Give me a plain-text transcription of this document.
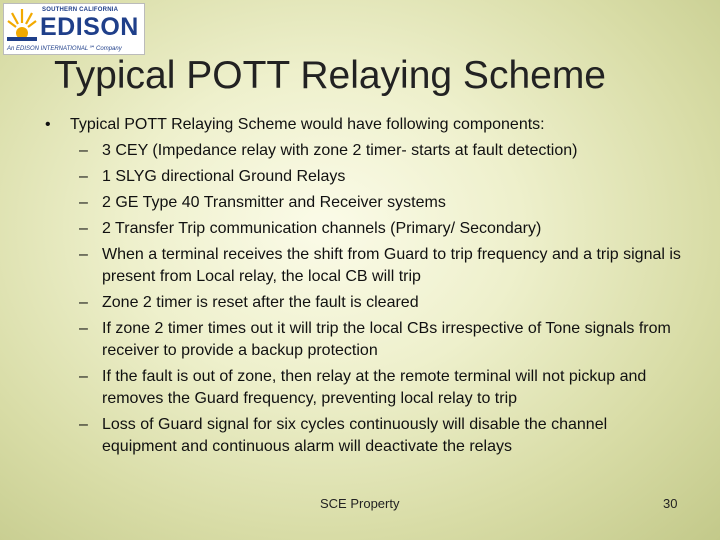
SOUTHERN CALIFORNIA
EDISON
An EDISON INTERNATIONAL℠ Company
Typical POTT Relaying Scheme
• Typical POTT Relaying Scheme would have following components:
– 3 CEY (Impedance relay with zone 2 timer- starts at fault detection)
– 1 SLYG directional Ground Relays
– 2 GE Type 40 Transmitter and Receiver systems
– 2 Transfer Trip communication channels (Primary/ Secondary)
– When a terminal receives the shift from Guard to trip frequency and a trip signal is present from Local relay, the local CB will trip
– Zone 2 timer is reset after the fault is cleared
– If zone 2 timer times out it will trip the local CBs irrespective of Tone signals from receiver to provide a backup protection
– If the fault is out of zone, then relay at the remote terminal will not pickup and removes the Guard frequency, preventing local relay to trip
– Loss of Guard signal for six cycles continuously will disable the channel equipment and continuous alarm will deactivate the relays
SCE Property	30
